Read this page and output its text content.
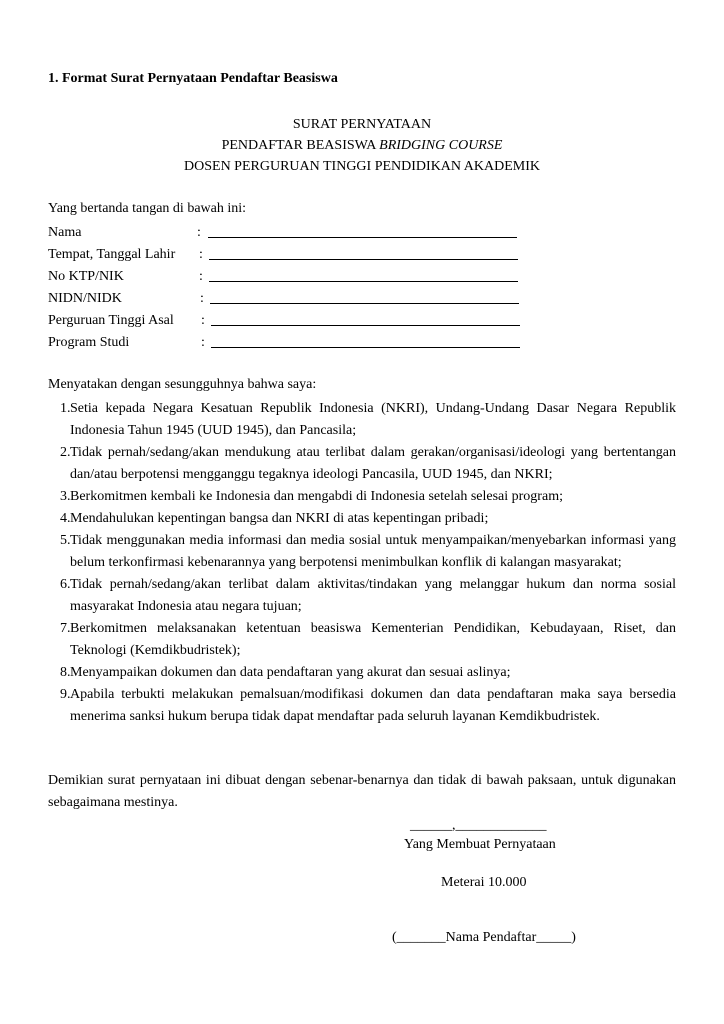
1. Format Surat Pernyataan Pendaftar Beasiswa
SURAT PERNYATAAN
PENDAFTAR BEASISWA BRIDGING COURSE
DOSEN PERGURUAN TINGGI PENDIDIKAN AKADEMIK
Yang bertanda tangan di bawah ini:
Nama	:
Tempat, Tanggal Lahir :
No KTP/NIK	:
NIDN/NIDK	:
Perguruan Tinggi Asal :
Program Studi	:
Menyatakan dengan sesungguhnya bahwa saya:
1. Setia kepada Negara Kesatuan Republik Indonesia (NKRI), Undang-Undang Dasar Negara Republik Indonesia Tahun 1945 (UUD 1945), dan Pancasila;
2. Tidak pernah/sedang/akan mendukung atau terlibat dalam gerakan/organisasi/ideologi yang bertentangan dan/atau berpotensi mengganggu tegaknya ideologi Pancasila, UUD 1945, dan NKRI;
3. Berkomitmen kembali ke Indonesia dan mengabdi di Indonesia setelah selesai program;
4. Mendahulukan kepentingan bangsa dan NKRI di atas kepentingan pribadi;
5. Tidak menggunakan media informasi dan media sosial untuk menyampaikan/menyebarkan informasi yang belum terkonfirmasi kebenarannya yang berpotensi menimbulkan konflik di kalangan masyarakat;
6. Tidak pernah/sedang/akan terlibat dalam aktivitas/tindakan yang melanggar hukum dan norma sosial masyarakat Indonesia atau negara tujuan;
7. Berkomitmen melaksanakan ketentuan beasiswa Kementerian Pendidikan, Kebudayaan, Riset, dan Teknologi (Kemdikbudristek);
8. Menyampaikan dokumen dan data pendaftaran yang akurat dan sesuai aslinya;
9. Apabila terbukti melakukan pemalsuan/modifikasi dokumen dan data pendaftaran maka saya bersedia menerima sanksi hukum berupa tidak dapat mendaftar pada seluruh layanan Kemdikbudristek.
Demikian surat pernyataan ini dibuat dengan sebenar-benarnya dan tidak di bawah paksaan, untuk digunakan sebagaimana mestinya.
______,_____________
Yang Membuat Pernyataan
Meterai 10.000
(_______Nama Pendaftar_____)
